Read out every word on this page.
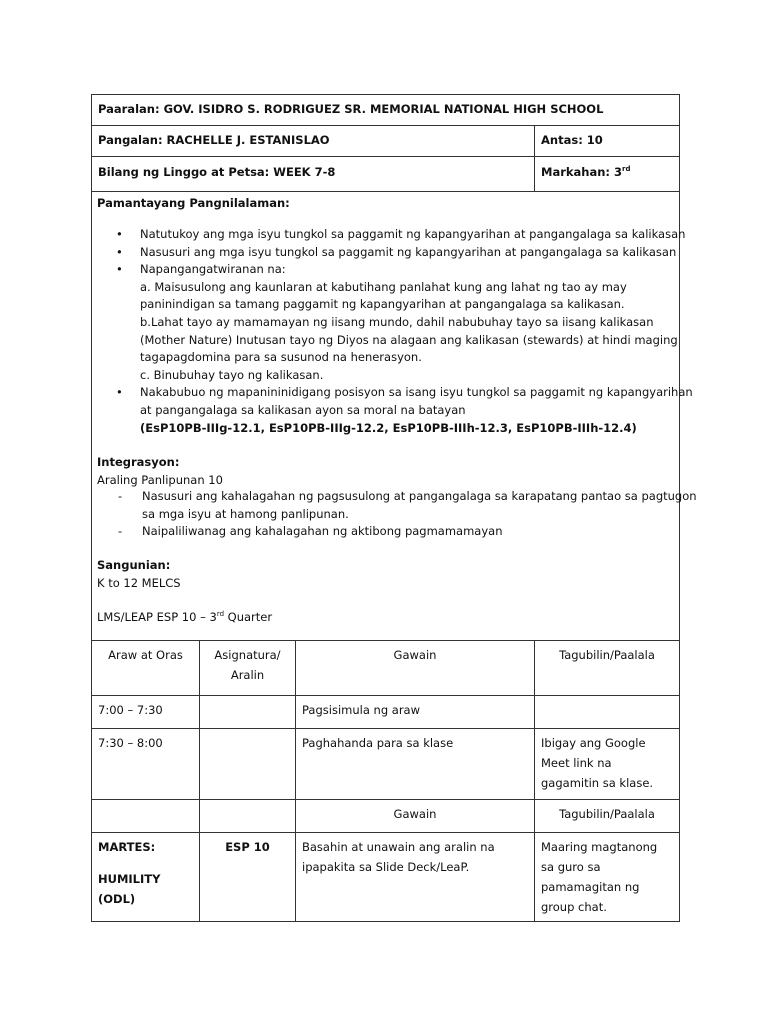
Paaralan: GOV. ISIDRO S. RODRIGUEZ SR. MEMORIAL NATIONAL HIGH SCHOOL
Pangalan: RACHELLE J. ESTANISLAO	Antas: 10
Bilang ng Linggo at Petsa: WEEK 7-8	Markahan: 3rd
Pamantayang Pangnilalaman:
• Natutukoy ang mga isyu tungkol sa paggamit ng kapangyarihan at pangangalaga sa kalikasan
• Nasusuri ang mga isyu tungkol sa paggamit ng kapangyarihan at pangangalaga sa kalikasan
• Napangangatwiranan na:
a. Maisusulong ang kaunlaran at kabutihang panlahat kung ang lahat ng tao ay may
paninindigan sa tamang paggamit ng kapangyarihan at pangangalaga sa kalikasan.
b.Lahat tayo ay mamamayan ng iisang mundo, dahil nabubuhay tayo sa iisang kalikasan
(Mother Nature) Inutusan tayo ng Diyos na alagaan ang kalikasan (stewards) at hindi maging
tagapagdomina para sa susunod na henerasyon.
c. Binubuhay tayo ng kalikasan.
• Nakabubuo ng mapanininidigang posisyon sa isang isyu tungkol sa paggamit ng kapangyarihan
at pangangalaga sa kalikasan ayon sa moral na batayan
(EsP10PB-IIIg-12.1, EsP10PB-IIIg-12.2, EsP10PB-IIIh-12.3, EsP10PB-IIIh-12.4)
Integrasyon:
Araling Panlipunan 10
- Nasusuri ang kahalagahan ng pagsusulong at pangangalaga sa karapatang pantao sa pagtugon
sa mga isyu at hamong panlipunan.
- Naipaliliwanag ang kahalagahan ng aktibong pagmamamayan
Sangunian:
K to 12 MELCS
LMS/LEAP ESP 10 – 3rd Quarter
Araw at Oras	Asignatura/ Aralin	Gawain	Tagubilin/Paalala
7:00 – 7:30		Pagsisimula ng araw	
7:30 – 8:00		Paghahanda para sa klase	Ibigay ang Google Meet link na gagamitin sa klase.
		Gawain	Tagubilin/Paalala

MARTES:
HUMILITY (ODL)	ESP 10	Basahin at unawain ang aralin na ipapakita sa Slide Deck/LeaP.	Maaring magtanong sa guro sa pamamagitan ng group chat.
